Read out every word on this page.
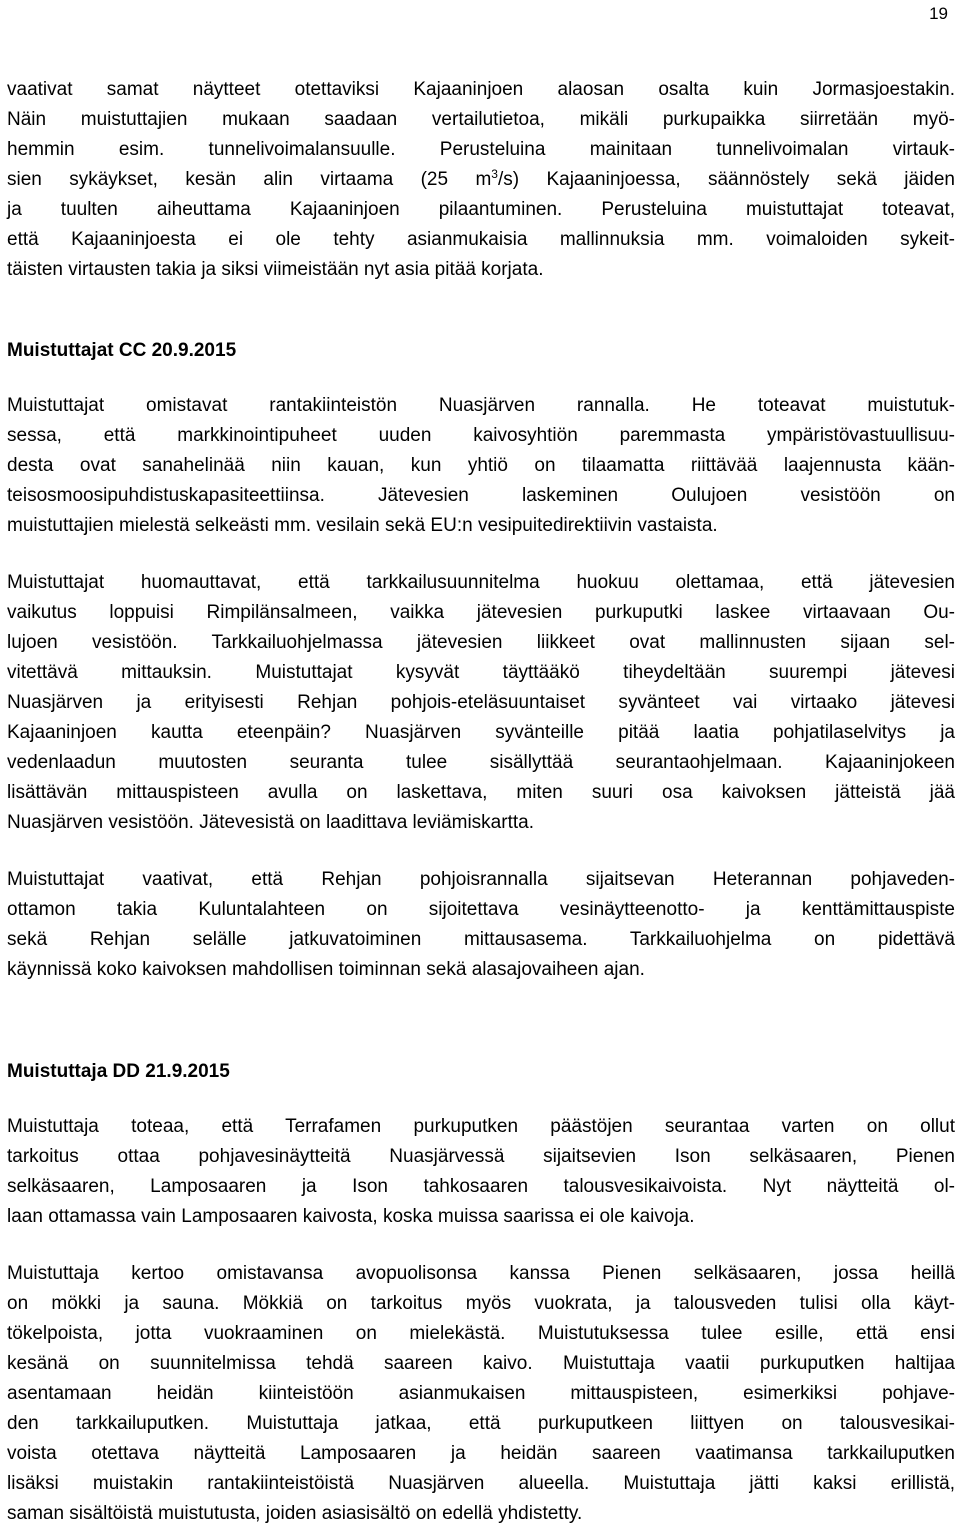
19

vaativat samat näytteet otettaviksi Kajaaninjoen alaosan osalta kuin Jormasjoestakin.
Näin muistuttajien mukaan saadaan vertailutietoa, mikäli purkupaikka siirretään myö-
hemmin esim. tunnelivoimalansuulle. Perusteluina mainitaan tunnelivoimalan virtauk-
sien sykäykset, kesän alin virtaama (25 $m^3/s$) Kajaaninjoessa, säännöstely sekä jäiden
ja tuulten aiheuttama Kajaaninjoen pilaantuminen. Perusteluina muistuttajat toteavat,
että Kajaaninjoesta ei ole tehty asianmukaisia mallinnuksia mm. voimaloiden sykeit-
täisten virtausten takia ja siksi viimeistään nyt asia pitää korjata.

Muistuttajat CC 20.9.2015

Muistuttajat omistavat rantakiinteistön Nuasjärven rannalla. He toteavat muistutuk-
sessa, että markkinointipuheet uuden kaivosyhtiön paremmasta ympäristövastuullisuu-
desta ovat sanahelinää niin kauan, kun yhtiö on tilaamatta riittävää laajennusta kään-
teisosmoosipuhdistuskapasiteettiinsa. Jätevesien laskeminen Oulujoen vesistöön on
muistuttajien mielestä selkeästi mm. vesilain sekä EU:n vesipuitedirektiivin vastaista.

Muistuttajat huomauttavat, että tarkkailusuunnitelma huokuu olettamaa, että jätevesien
vaikutus loppuisi Rimpilänsalmeen, vaikka jätevesien purkuputki laskee virtaavaan Ou-
lujoen vesistöön. Tarkkailuohjelmassa jätevesien liikkeet ovat mallinnusten sijaan sel-
vitettävä mittauksin. Muistuttajat kysyvät täyttääkö tiheydeltään suurempi jätevesi
Nuasjärven ja erityisesti Rehjan pohjois-eteläsuuntaiset syvänteet vai virtaako jätevesi
Kajaaninjoen kautta eteenpäin? Nuasjärven syvänteille pitää laatia pohjatilaselvitys ja
vedenlaadun muutosten seuranta tulee sisällyttää seurantaohjelmaan. Kajaaninjokeen
lisättävän mittauspisteen avulla on laskettava, miten suuri osa kaivoksen jätteistä jää
Nuasjärven vesistöön. Jätevesistä on laadittava leviämiskartta.

Muistuttajat vaativat, että Rehjan pohjoisrannalla sijaitsevan Heterannan pohjaveden-
ottamon takia Kuluntalahteen on sijoitettava vesinäytteenotto- ja kenttämittauspiste
sekä Rehjan selälle jatkuvatoiminen mittausasema. Tarkkailuohjelma on pidettävä
käynnissä koko kaivoksen mahdollisen toiminnan sekä alasajovaiheen ajan.

Muistuttaja DD 21.9.2015

Muistuttaja toteaa, että Terrafamen purkuputken päästöjen seurantaa varten on ollut
tarkoitus ottaa pohjavesinäytteitä Nuasjärvessä sijaitsevien Ison selkäsaaren, Pienen
selkäsaaren, Lamposaaren ja Ison tahkosaaren talousvesikaivoista. Nyt näytteitä ol-
laan ottamassa vain Lamposaaren kaivosta, koska muissa saarissa ei ole kaivoja.

Muistuttaja kertoo omistavansa avopuolisonsa kanssa Pienen selkäsaaren, jossa heillä
on mökki ja sauna. Mökkiä on tarkoitus myös vuokrata, ja talousveden tulisi olla käyt-
tökelpoista, jotta vuokraaminen on mielekästä. Muistutuksessa tulee esille, että ensi
kesänä on suunnitelmissa tehdä saareen kaivo. Muistuttaja vaatii purkuputken haltijaa
asentamaan heidän kiinteistöön asianmukaisen mittauspisteen, esimerkiksi pohjave-
den tarkkailuputken. Muistuttaja jatkaa, että purkuputkeen liittyen on talousvesikai-
voista otettava näytteitä Lamposaaren ja heidän saareen vaatimansa tarkkailuputken
lisäksi muistakin rantakiinteistöistä Nuasjärven alueella. Muistuttaja jätti kaksi erillistä,
saman sisältöistä muistutusta, joiden asiasisältö on edellä yhdistetty.
